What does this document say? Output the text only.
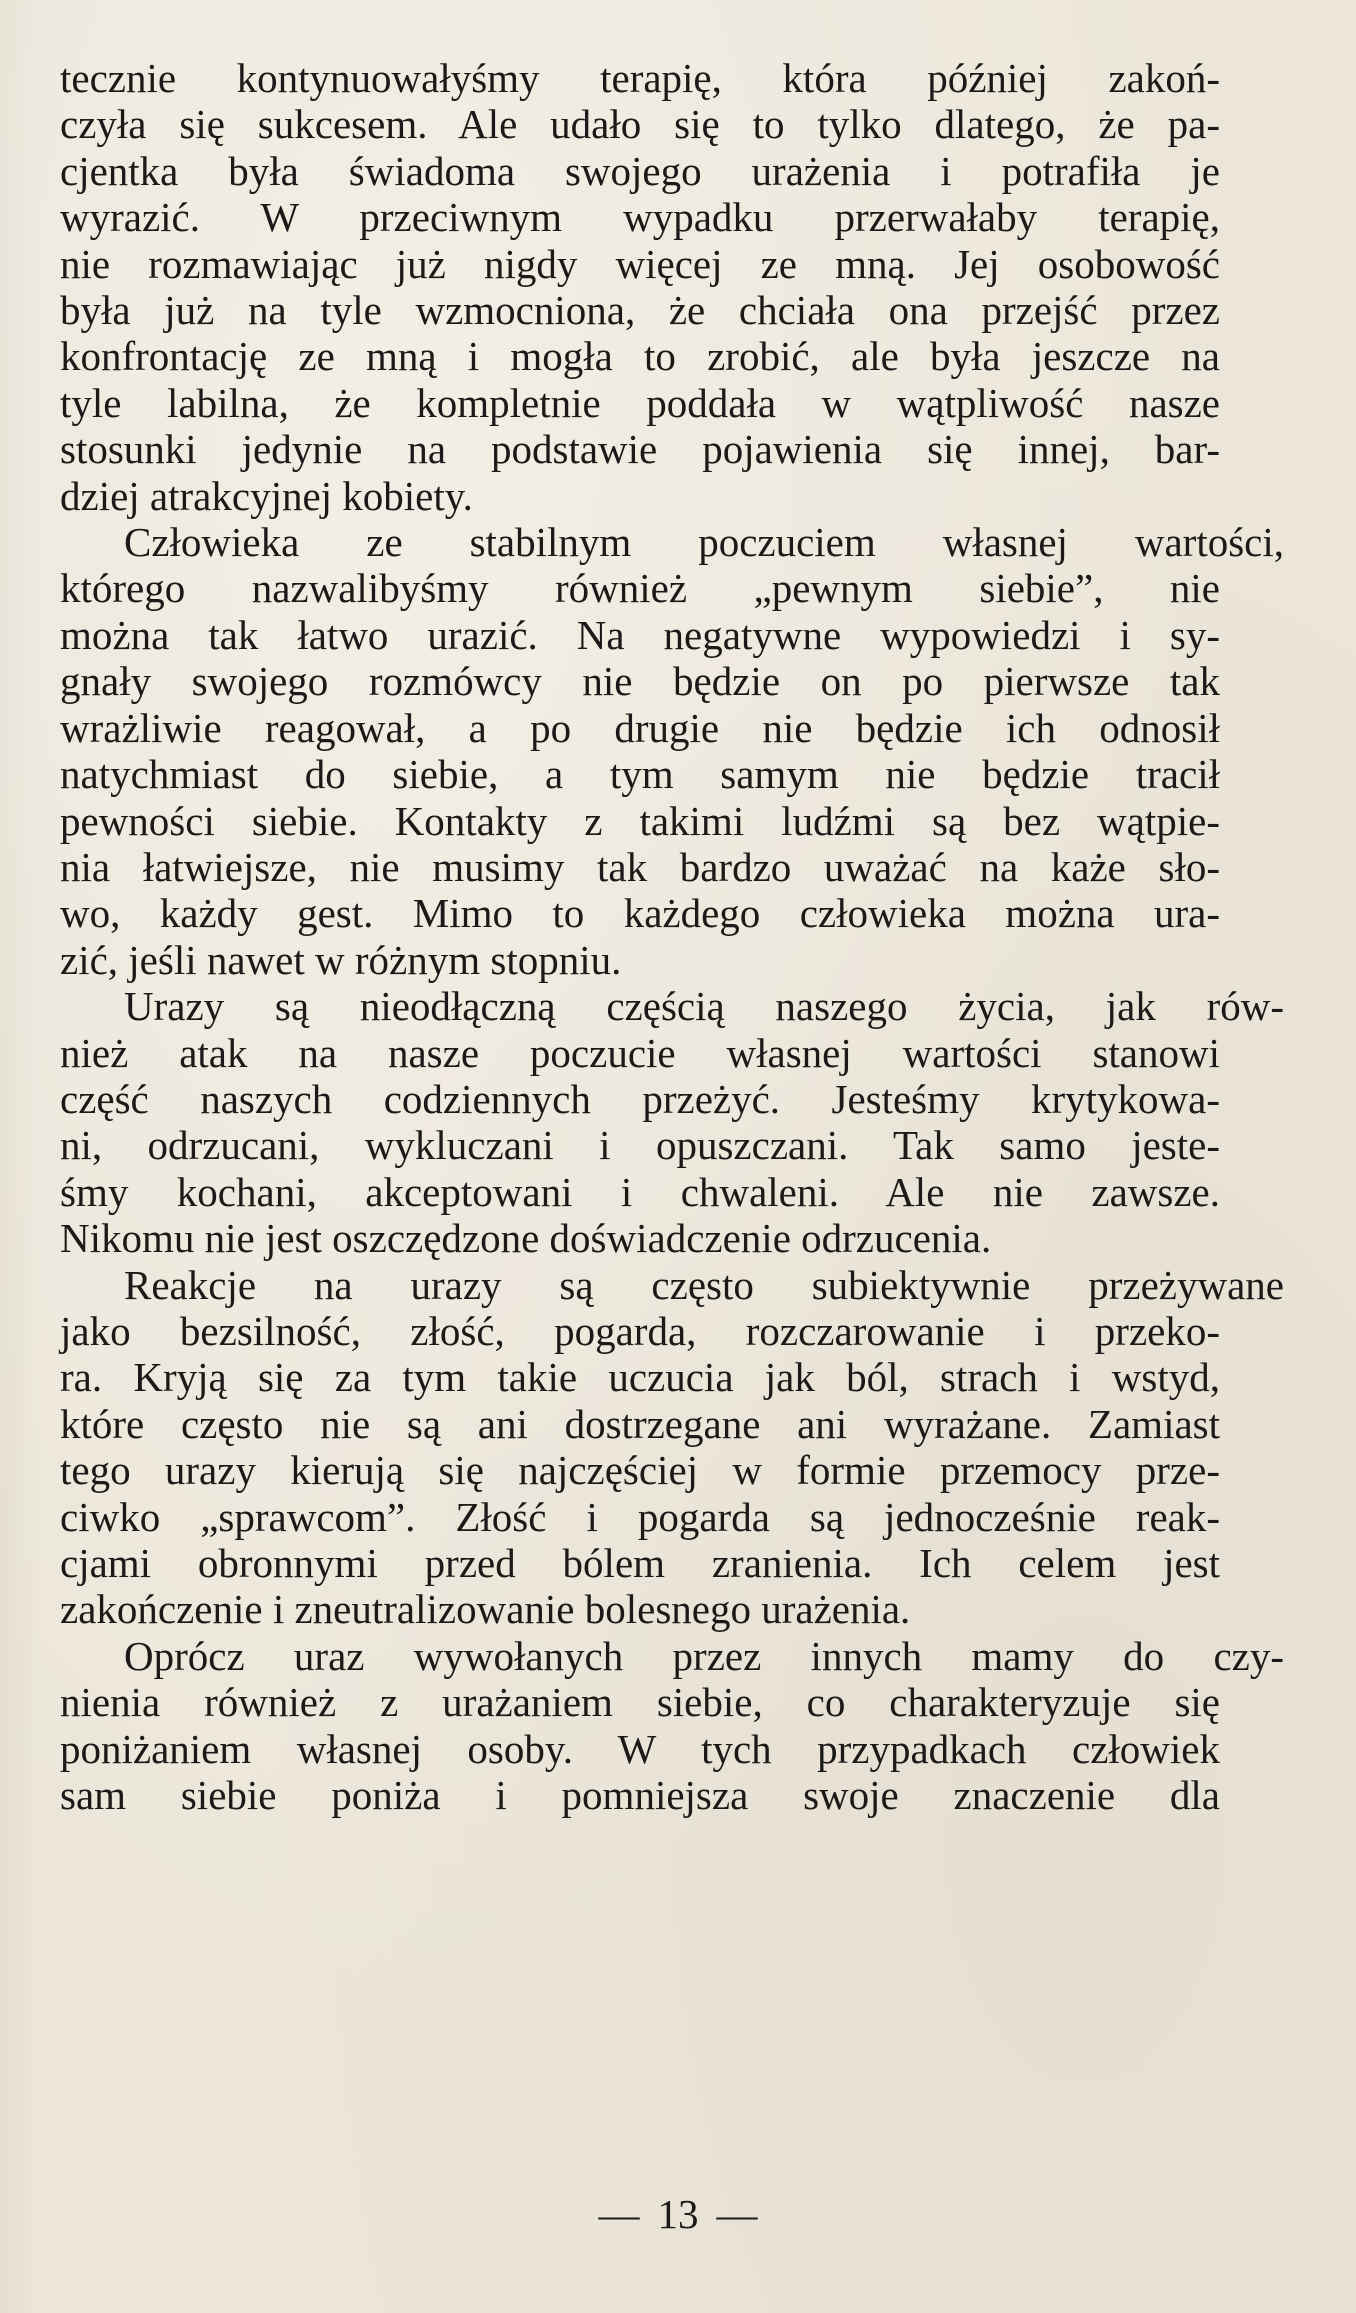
tecznie kontynuowałyśmy terapię, która później zakoń-
czyła się sukcesem. Ale udało się to tylko dlatego, że pa-
cjentka była świadoma swojego urażenia i potrafiła je
wyrazić. W przeciwnym wypadku przerwałaby terapię,
nie rozmawiając już nigdy więcej ze mną. Jej osobowość
była już na tyle wzmocniona, że chciała ona przejść przez
konfrontację ze mną i mogła to zrobić, ale była jeszcze na
tyle labilna, że kompletnie poddała w wątpliwość nasze
stosunki jedynie na podstawie pojawienia się innej, bar-
dziej atrakcyjnej kobiety.

Człowieka ze stabilnym poczuciem własnej wartości,
którego nazwalibyśmy również „pewnym siebie”, nie
można tak łatwo urazić. Na negatywne wypowiedzi i sy-
gnały swojego rozmówcy nie będzie on po pierwsze tak
wrażliwie reagował, a po drugie nie będzie ich odnosił
natychmiast do siebie, a tym samym nie będzie tracił
pewności siebie. Kontakty z takimi ludźmi są bez wątpie-
nia łatwiejsze, nie musimy tak bardzo uważać na każe sło-
wo, każdy gest. Mimo to każdego człowieka można ura-
zić, jeśli nawet w różnym stopniu.

Urazy są nieodłączną częścią naszego życia, jak rów-
nież atak na nasze poczucie własnej wartości stanowi
część naszych codziennych przeżyć. Jesteśmy krytykowa-
ni, odrzucani, wykluczani i opuszczani. Tak samo jeste-
śmy kochani, akceptowani i chwaleni. Ale nie zawsze.
Nikomu nie jest oszczędzone doświadczenie odrzucenia.

Reakcje na urazy są często subiektywnie przeżywane
jako bezsilność, złość, pogarda, rozczarowanie i przeko-
ra. Kryją się za tym takie uczucia jak ból, strach i wstyd,
które często nie są ani dostrzegane ani wyrażane. Zamiast
tego urazy kierują się najczęściej w formie przemocy prze-
ciwko „sprawcom”. Złość i pogarda są jednocześnie reak-
cjami obronnymi przed bólem zranienia. Ich celem jest
zakończenie i zneutralizowanie bolesnego urażenia.

Oprócz uraz wywołanych przez innych mamy do czy-
nienia również z urażaniem siebie, co charakteryzuje się
poniżaniem własnej osoby. W tych przypadkach człowiek
sam siebie poniża i pomniejsza swoje znaczenie dla

— 13 —
